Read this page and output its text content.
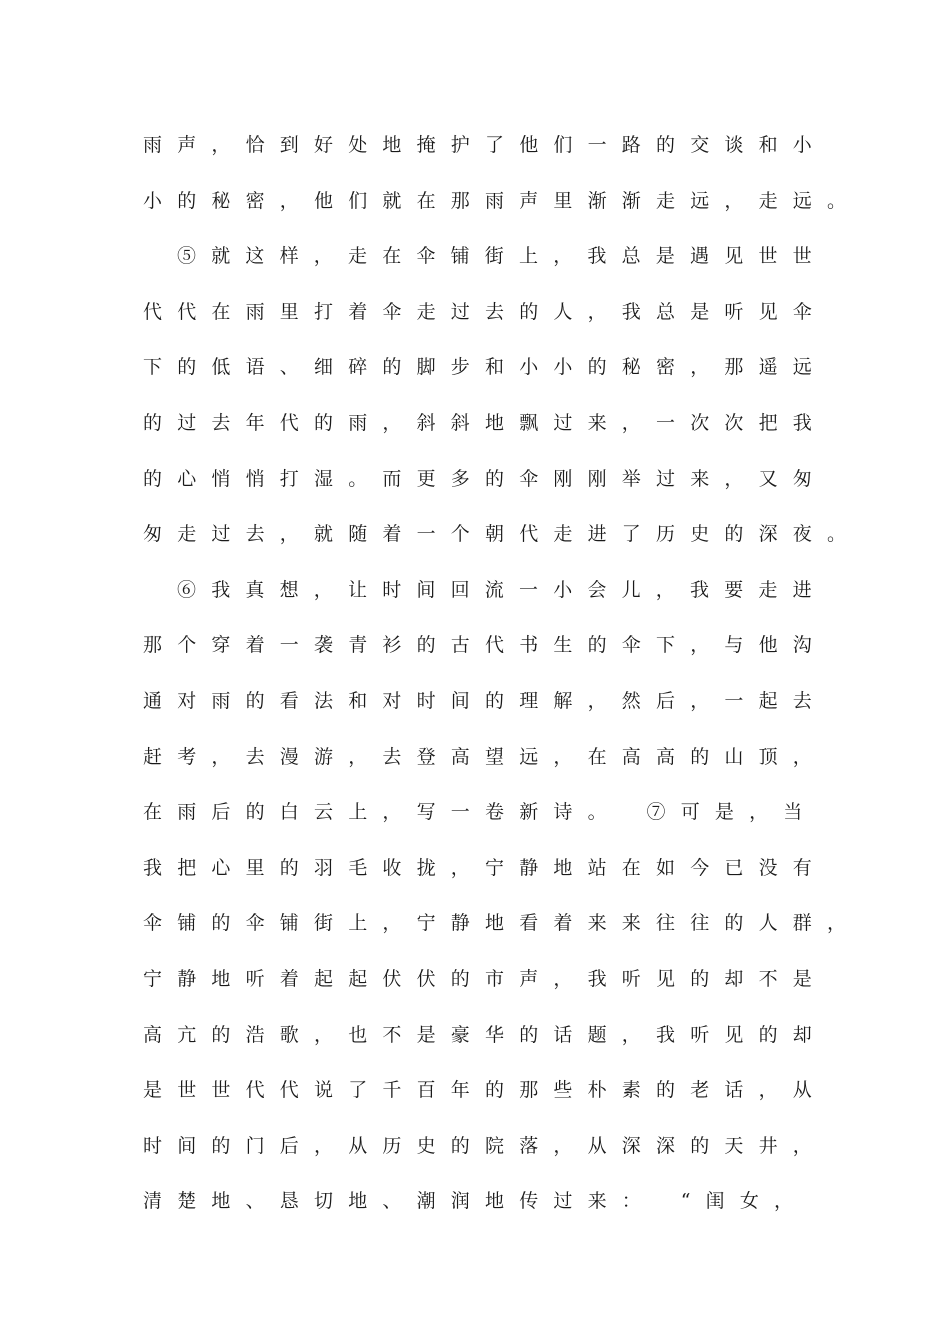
雨声，恰到好处地掩护了他们一路的交谈和小
小的秘密，他们就在那雨声里渐渐走远，走远。
⑤就这样，走在伞铺街上，我总是遇见世世
代代在雨里打着伞走过去的人，我总是听见伞
下的低语、细碎的脚步和小小的秘密，那遥远
的过去年代的雨，斜斜地飘过来，一次次把我
的心悄悄打湿。而更多的伞刚刚举过来，又匆
匆走过去，就随着一个朝代走进了历史的深夜。
⑥我真想，让时间回流一小会儿，我要走进
那个穿着一袭青衫的古代书生的伞下，与他沟
通对雨的看法和对时间的理解，然后，一起去
赶考，去漫游，去登高望远，在高高的山顶，
在雨后的白云上，写一卷新诗。　⑦可是，当
我把心里的羽毛收拢，宁静地站在如今已没有
伞铺的伞铺街上，宁静地看着来来往往的人群，
宁静地听着起起伏伏的市声，我听见的却不是
高亢的浩歌，也不是豪华的话题，我听见的却
是世世代代说了千百年的那些朴素的老话，从
时间的门后，从历史的院落，从深深的天井，
清楚地、恳切地、潮润地传过来：　“闺女，
